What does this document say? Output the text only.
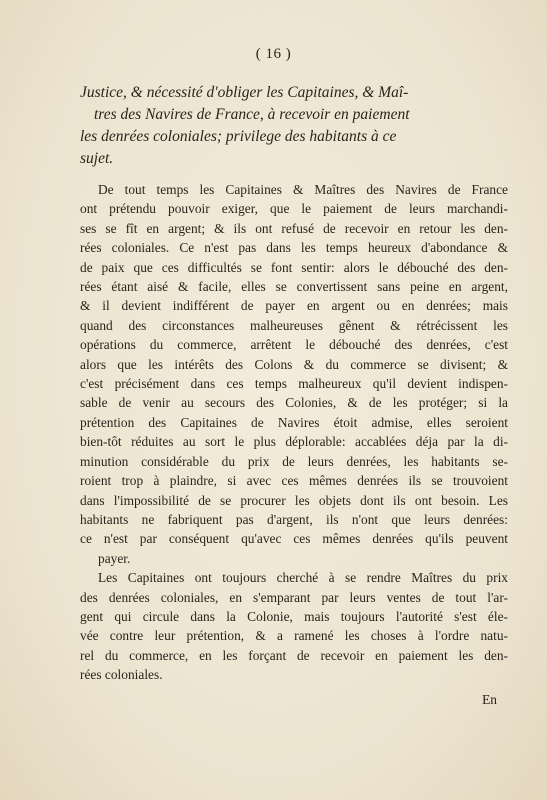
( 16 )
Justice, & nécessité d'obliger les Capitaines, & Maî-
tres des Navires de France, à recevoir en paiement
les denrées coloniales; privilege des habitants à ce
sujet.
De tout temps les Capitaines & Maîtres des Navires de France
ont prétendu pouvoir exiger, que le paiement de leurs marchandi-
ses se fît en argent; & ils ont refusé de recevoir en retour les den-
rées coloniales. Ce n'est pas dans les temps heureux d'abondance &
de paix que ces difficultés se font sentir: alors le débouché des den-
rées étant aisé & facile, elles se convertissent sans peine en argent,
& il devient indifférent de payer en argent ou en denrées; mais
quand des circonstances malheureuses gênent & rétrécissent les
opérations du commerce, arrêtent le débouché des denrées, c'est
alors que les intérêts des Colons & du commerce se divisent; &
c'est précisément dans ces temps malheureux qu'il devient indispen-
sable de venir au secours des Colonies, & de les protéger; si la
prétention des Capitaines de Navires étoit admise, elles seroient
bien-tôt réduites au sort le plus déplorable: accablées déja par la di-
minution considérable du prix de leurs denrées, les habitants se-
roient trop à plaindre, si avec ces mêmes denrées ils se trouvoient
dans l'impossibilité de se procurer les objets dont ils ont besoin. Les
habitants ne fabriquent pas d'argent, ils n'ont que leurs denrées:
ce n'est par conséquent qu'avec ces mêmes denrées qu'ils peuvent
payer.
Les Capitaines ont toujours cherché à se rendre Maîtres du prix
des denrées coloniales, en s'emparant par leurs ventes de tout l'ar-
gent qui circule dans la Colonie, mais toujours l'autorité s'est éle-
vée contre leur prétention, & a ramené les choses à l'ordre natu-
rel du commerce, en les forçant de recevoir en paiement les den-
rées coloniales.
En
